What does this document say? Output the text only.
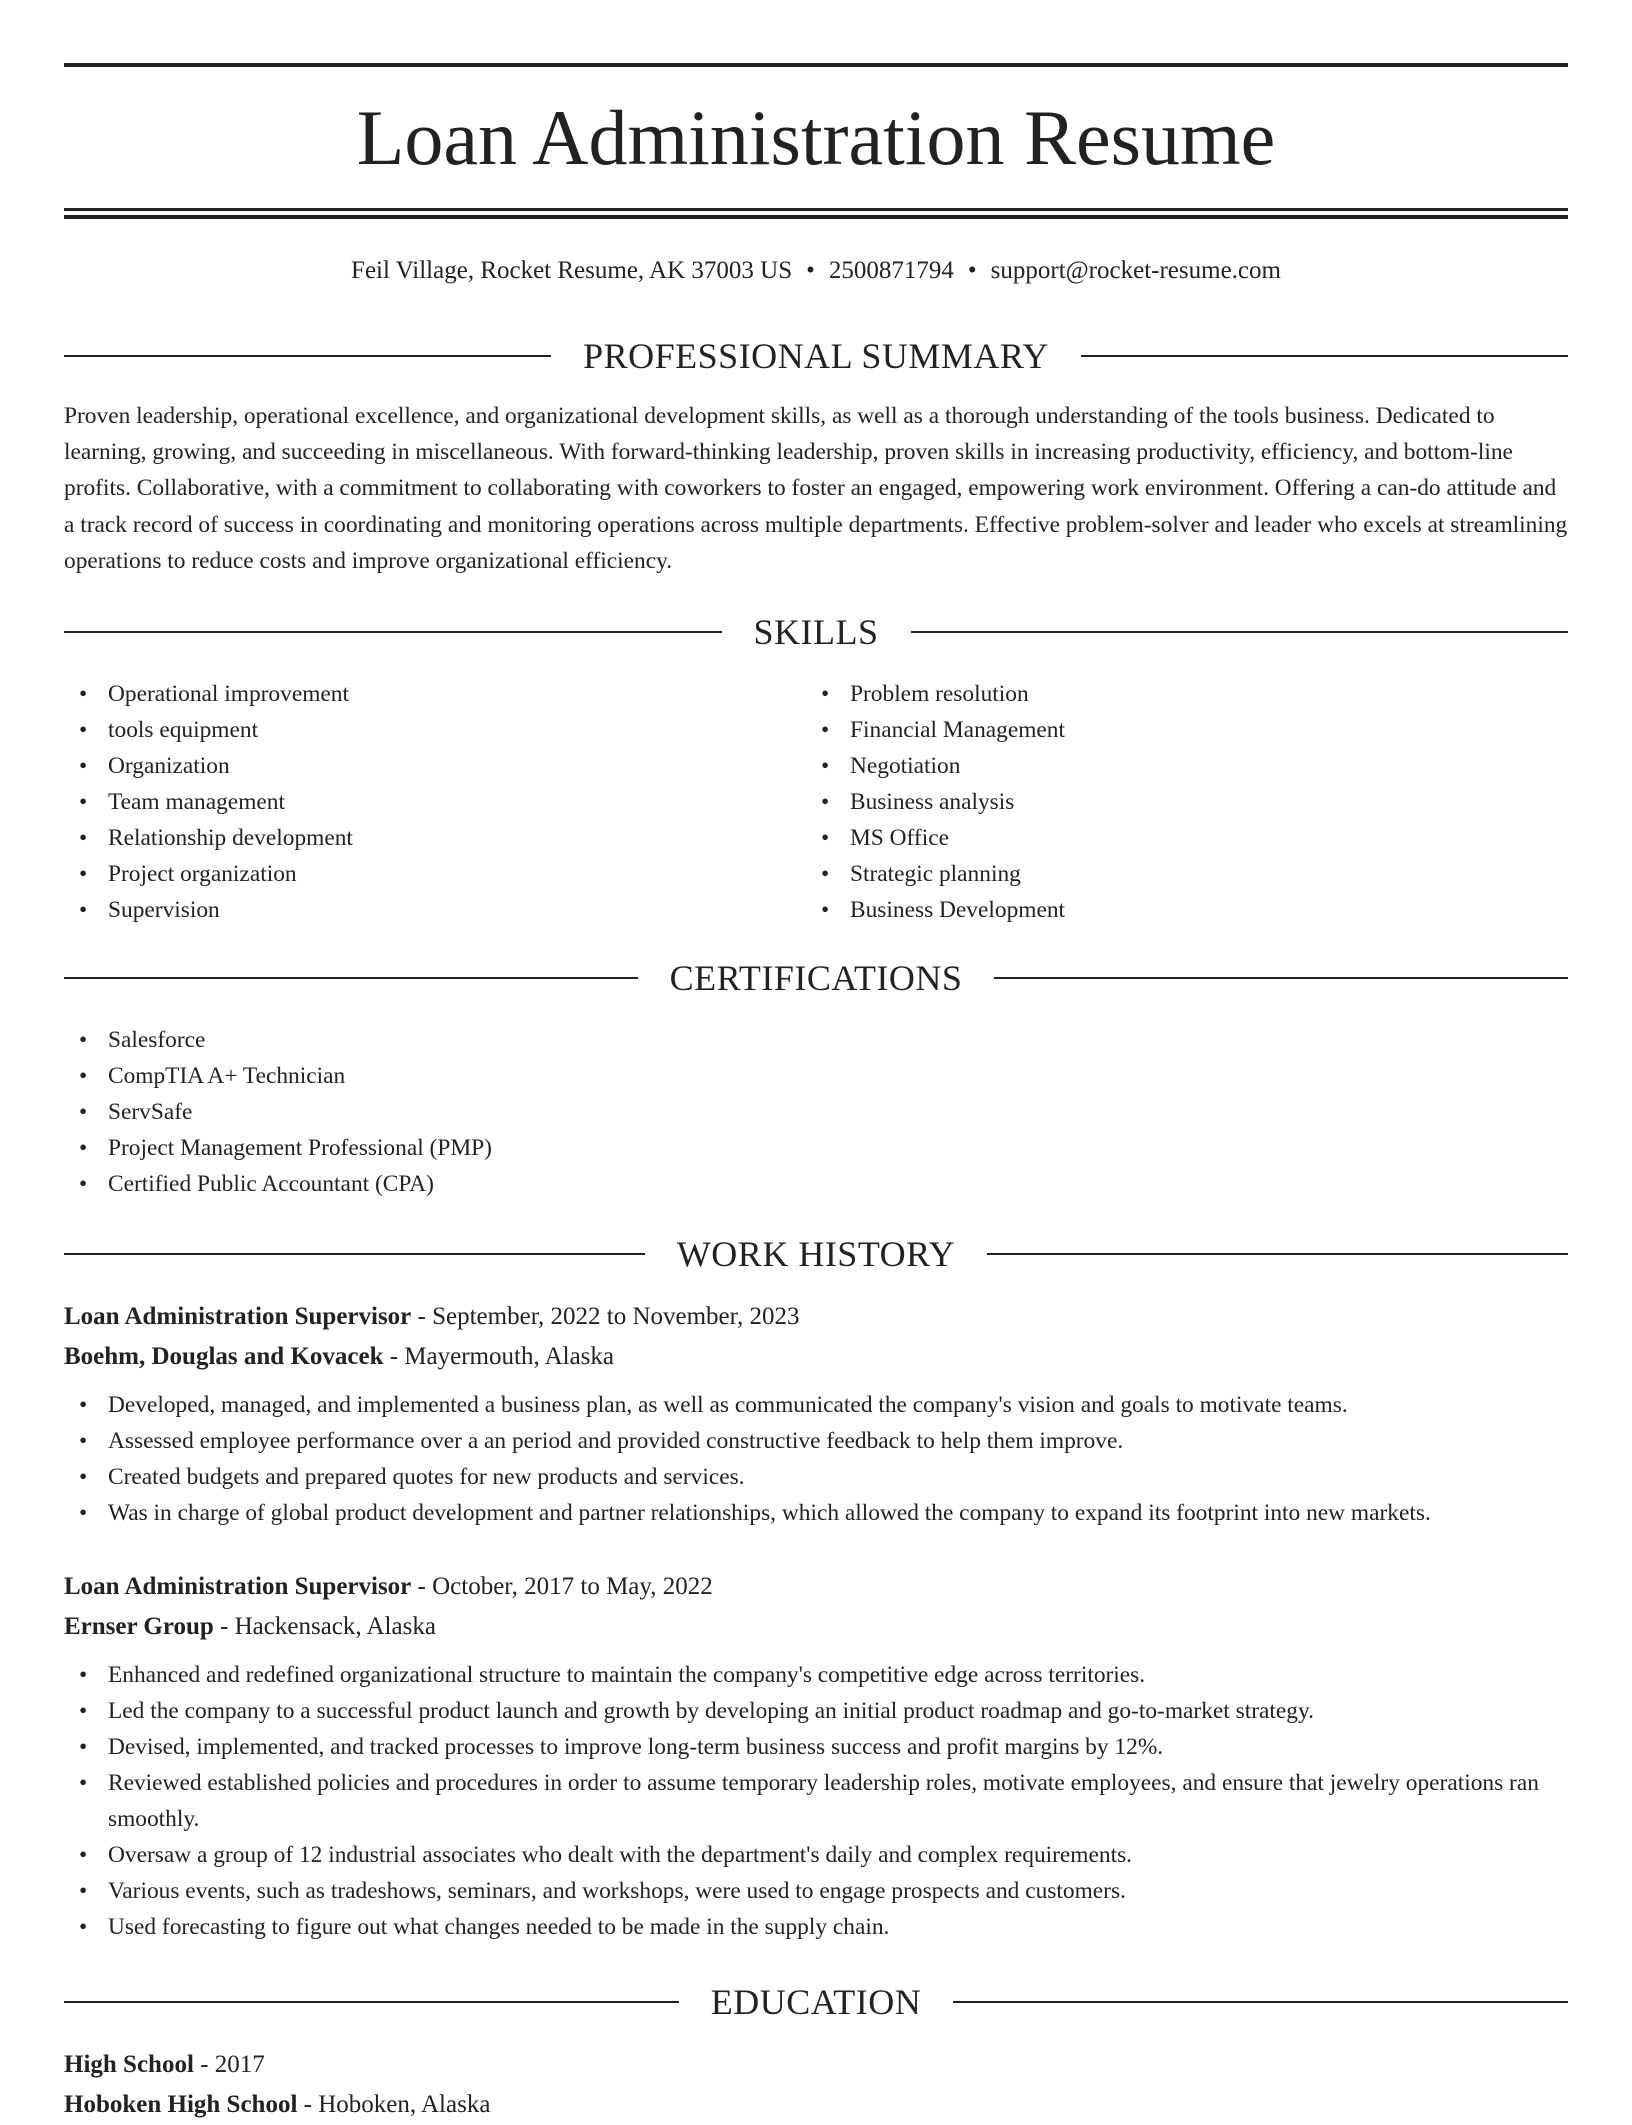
Loan Administration Resume
Feil Village, Rocket Resume, AK 37003 US • 2500871794 • support@rocket-resume.com
PROFESSIONAL SUMMARY

Proven leadership, operational excellence, and organizational development skills, as well as a thorough understanding of the tools business. Dedicated to learning, growing, and succeeding in miscellaneous. With forward-thinking leadership, proven skills in increasing productivity, efficiency, and bottom-line profits. Collaborative, with a commitment to collaborating with coworkers to foster an engaged, empowering work environment. Offering a can-do attitude and a track record of success in coordinating and monitoring operations across multiple departments. Effective problem-solver and leader who excels at streamlining operations to reduce costs and improve organizational efficiency.

SKILLS
• Operational improvement
• tools equipment
• Organization
• Team management
• Relationship development
• Project organization
• Supervision
• Problem resolution
• Financial Management
• Negotiation
• Business analysis
• MS Office
• Strategic planning
• Business Development
CERTIFICATIONS
• Salesforce
• CompTIA A+ Technician
• ServSafe
• Project Management Professional (PMP)
• Certified Public Accountant (CPA)
WORK HISTORY
Loan Administration Supervisor - September, 2022 to November, 2023
Boehm, Douglas and Kovacek - Mayermouth, Alaska
• Developed, managed, and implemented a business plan, as well as communicated the company's vision and goals to motivate teams.
• Assessed employee performance over a an period and provided constructive feedback to help them improve.
• Created budgets and prepared quotes for new products and services.
• Was in charge of global product development and partner relationships, which allowed the company to expand its footprint into new markets.
Loan Administration Supervisor - October, 2017 to May, 2022
Ernser Group - Hackensack, Alaska
• Enhanced and redefined organizational structure to maintain the company's competitive edge across territories.
• Led the company to a successful product launch and growth by developing an initial product roadmap and go-to-market strategy.
• Devised, implemented, and tracked processes to improve long-term business success and profit margins by 12%.
• Reviewed established policies and procedures in order to assume temporary leadership roles, motivate employees, and ensure that jewelry operations ran smoothly.
• Oversaw a group of 12 industrial associates who dealt with the department's daily and complex requirements.
• Various events, such as tradeshows, seminars, and workshops, were used to engage prospects and customers.
• Used forecasting to figure out what changes needed to be made in the supply chain.
EDUCATION
High School - 2017
Hoboken High School - Hoboken, Alaska
